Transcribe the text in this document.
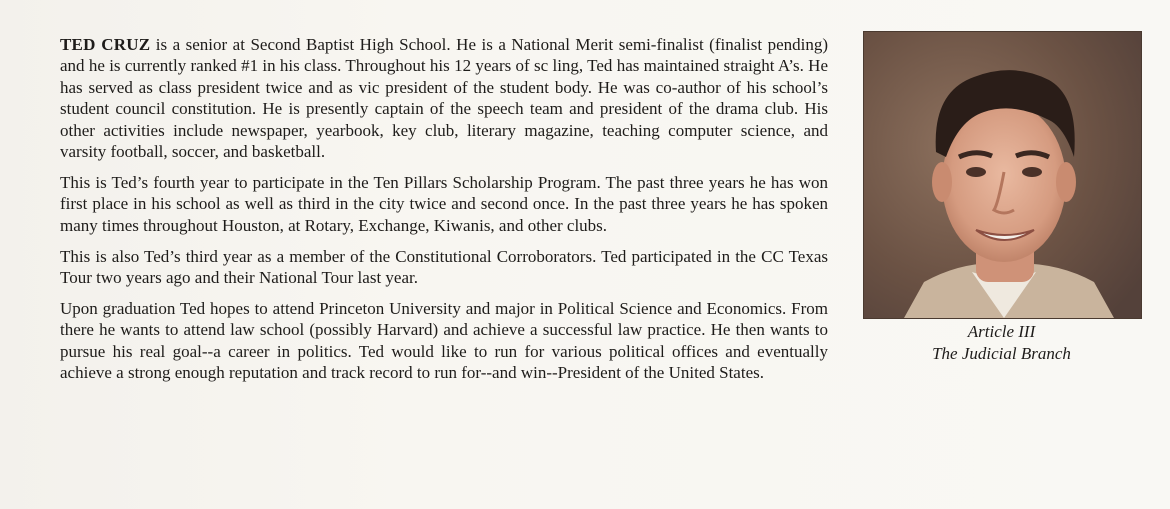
TED CRUZ is a senior at Second Baptist High School. He is a National Merit semi-finalist (finalist pending) and he is currently ranked #1 in his class. Throughout his 12 years of sc ling, Ted has maintained straight A’s. He has served as class president twice and as vic president of the student body. He was co-author of his school’s student council constitution. He is presently captain of the speech team and president of the drama club. His other activities include newspaper, yearbook, key club, literary magazine, teaching computer science, and varsity football, soccer, and basketball.

This is Ted’s fourth year to participate in the Ten Pillars Scholarship Program. The past three years he has won first place in his school as well as third in the city twice and second once. In the past three years he has spoken many times throughout Houston, at Rotary, Exchange, Kiwanis, and other clubs.

This is also Ted’s third year as a member of the Constitutional Corroborators. Ted participated in the CC Texas Tour two years ago and their National Tour last year.

Upon graduation Ted hopes to attend Princeton University and major in Political Science and Economics. From there he wants to attend law school (possibly Harvard) and achieve a successful law practice. He then wants to pursue his real goal--a career in politics. Ted would like to run for various political offices and eventually achieve a strong enough reputation and track record to run for--and win--President of the United States.

Article III
The Judicial Branch
